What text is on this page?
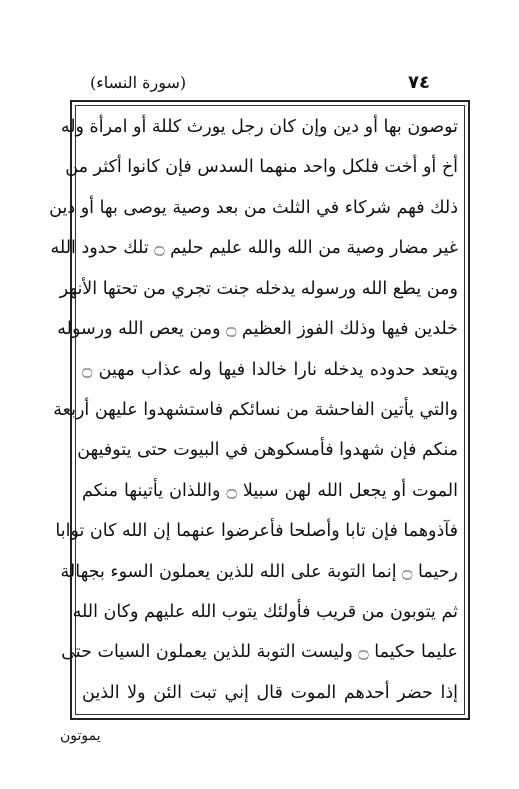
٧٤
(سورة النساء)
توصون بها أو دين وإن كان رجل يورث كللة أو امرأة وله
أخ أو أخت فلكل واحد منهما السدس فإن كانوا أكثر من
ذلك فهم شركاء في الثلث من بعد وصية يوصى بها أو دين
غير مضار وصية من الله والله عليم حليم ۝ تلك حدود الله
ومن يطع الله ورسوله يدخله جنت تجري من تحتها الأنهر
خلدين فيها وذلك الفوز العظيم ۝ ومن يعص الله ورسوله
ويتعد حدوده يدخله نارا خالدا فيها وله عذاب مهين ۝
والتي يأتين الفاحشة من نسائكم فاستشهدوا عليهن أربعة
منكم فإن شهدوا فأمسكوهن في البيوت حتى يتوفيهن
الموت أو يجعل الله لهن سبيلا ۝ واللذان يأتينها منكم
فآذوهما فإن تابا وأصلحا فأعرضوا عنهما إن الله كان توابا
رحيما ۝ إنما التوبة على الله للذين يعملون السوء بجهالة
ثم يتوبون من قريب فأولئك يتوب الله عليهم وكان الله
عليما حكيما ۝ وليست التوبة للذين يعملون السيات حتى
إذا حضر أحدهم الموت قال إني تبت الئن ولا الذين
يموتون
